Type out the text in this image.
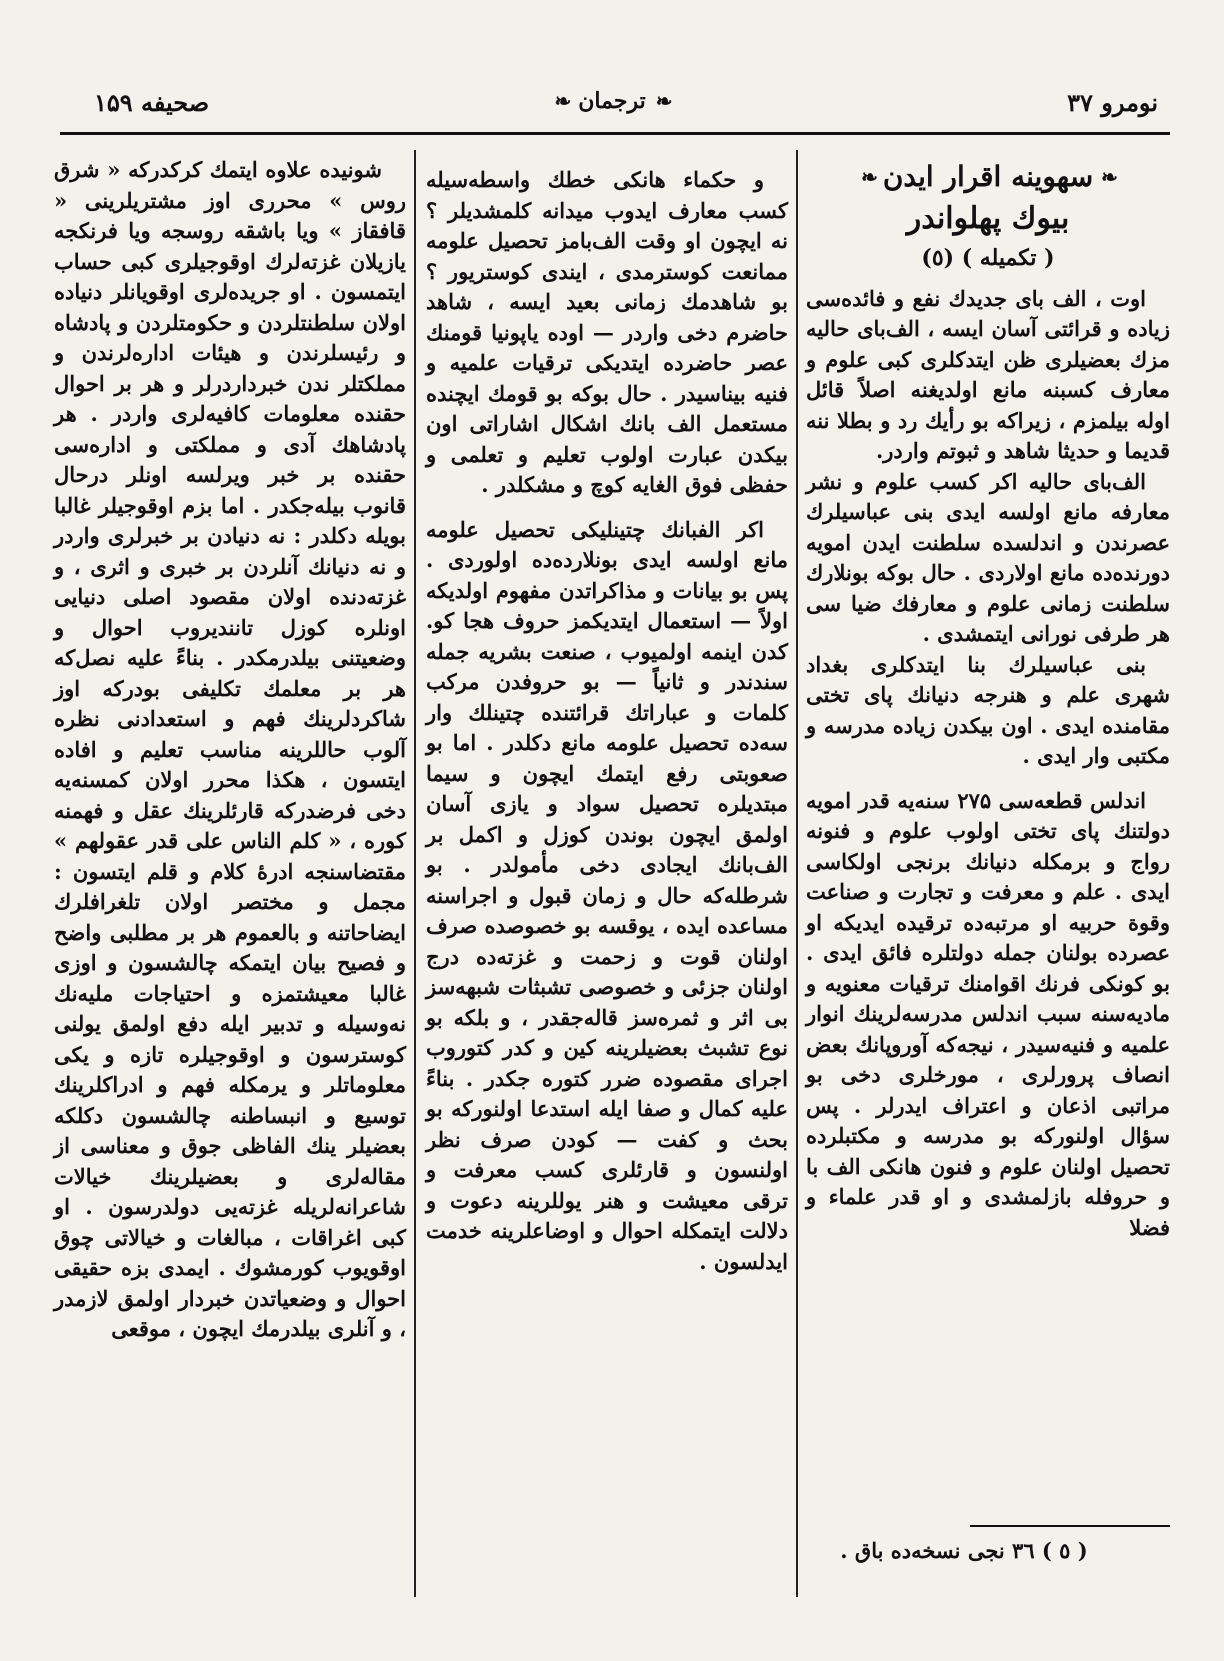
صحیفه ۱۵۹	❧
ترجمان
❧	نومرو ۳۷
❧
سهوینه اقرار ایدن
❧
بیوك پهلواندر
( تكمیله ) (٥)

اوت ، الف بای جدیدك نفع و فائده‌سی زیاده و قرائتی آسان ایسه ، الف‌بای حالیه مزك بعضیلری ظن ایتدكلری كبی علوم و معارف كسبنه مانع اولدیغنه اصلاً قائل اوله بیلمزم ، زیراكه بو رأیك رد و بطلا ننه قدیما و حدیثا شاهد و ثبوتم واردر.

الف‌بای حالیه اكر كسب علوم و نشر معارفه مانع اولسه ایدی بنی عباسیلرك عصرندن و اندلسده سلطنت ایدن امویه دورنده‌ده مانع اولاردی . حال بوكه بونلارك سلطنت زمانی علوم و معارفك ضیا سی هر طرفی نورانی ایتمشدی .

بنی عباسیلرك بنا ایتدكلری بغداد شهری علم و هنرجه دنیانك پای تختی مقامنده ایدی . اون بیكدن زیاده مدرسه و مكتبی وار ایدی .

اندلس قطعه‌سی ۲۷۵ سنه‌یه قدر امویه دولتنك پای تختی اولوب علوم و فنونه رواج و برمكله دنیانك برنجی اولكاسی ایدی . علم و معرفت و تجارت و صناعت وقوة حربیه او مرتبه‌ده ترقیده ایدیكه او عصرده بولنان جمله دولتلره فائق ایدی . بو كونكی فرنك اقوامنك ترقیات معنویه و مادیه‌سنه سبب اندلس مدرسه‌لرینك انوار علمیه و فنیه‌سیدر ، نیجه‌كه آوروپانك بعض انصاف پرورلری ، مورخلری دخی بو مراتبی اذعان و اعتراف ایدرلر . پس سؤال اولنوركه بو مدرسه و مكتبلرده تحصیل اولنان علوم و فنون هانكی الف با و حروفله بازلمشدی و او قدر علماء و فضلا

و حكماء هانكی خطك واسطه‌سیله كسب معارف ایدوب میدانه كلمشدیلر ؟ نه ایچون او وقت الف‌بامز تحصیل علومه ممانعت كوسترمدی ، ایندی كوستریور ؟ بو شاهدمك زمانی بعید ایسه ، شاهد حاضرم دخی واردر — اوده یاپونیا قومنك عصر حاضرده ایتدیكی ترقیات علمیه و فنیه بیناسیدر . حال بوكه بو قومك ایچنده مستعمل الف بانك اشكال اشاراتی اون بیكدن عبارت اولوب تعلیم و تعلمی و حفظی فوق الغایه كوچ و مشكلدر .

اكر الفبانك چتینلیكی تحصیل علومه مانع اولسه ایدی بونلارده‌ده اولوردی . پس بو بیانات و مذاكراتدن مفهوم اولدیكه اولاً — استعمال ایتدیكمز حروف هجا كو. كدن اینمه اولمیوب ، صنعت بشریه جمله سندندر و ثانیاً — بو حروفدن مركب كلمات و عباراتك قرائتنده چتینلك وار سه‌ده تحصیل علومه مانع دكلدر . اما بو صعوبتی رفع ایتمك ایچون و سیما مبتدیلره تحصیل سواد و یازی آسان اولمق ایچون بوندن كوزل و اكمل بر الف‌بانك ایجادی دخی مأمولدر . بو شرطله‌كه حال و زمان قبول و اجراسنه مساعده ایده ، یوقسه بو خصوصده صرف اولنان قوت و زحمت و غزته‌ده درج اولنان جزئی و خصوصی تشبثات شبهه‌سز بی اثر و ثمره‌سز قاله‌جقدر ، و بلكه بو نوع تشبث بعضیلرینه كین و كدر كتوروب اجرای مقصوده ضرر كتوره جكدر . بناءً علیه كمال و صفا ایله استدعا اولنوركه بو بحث و كفت — كودن صرف نظر اولنسون و قارئلری كسب معرفت و ترقی معیشت و هنر یوللرینه دعوت و دلالت ایتمكله احوال و اوضاعلرینه خدمت ایدلسون .

شونیده علاوه ایتمك كركدركه « شرق روس » محرری اوز مشتریلرینی « قافقاز » ویا باشقه روسجه ویا فرنكجه یازیلان غزته‌لرك اوقوجیلری كبی حساب ایتمسون . او جریده‌لری اوقویانلر دنیاده اولان سلطنتلردن و حكومتلردن و پادشاه و رئیسلرندن و هیئات اداره‌لرندن و مملكتلر ندن خبرداردرلر و هر بر احوال حقنده معلومات كافیه‌لری واردر . هر پادشاهك آدی و مملكتی و اداره‌سی حقنده بر خبر ویرلسه اونلر درحال قانوب بیله‌جكدر . اما بزم اوقوجیلر غالبا بویله دكلدر : نه دنیادن بر خبرلری واردر و نه دنیانك آنلردن بر خبری و اثری ، و غزته‌دنده اولان مقصود اصلی دنیایی اونلره كوزل تانندیروب احوال و وضعیتنی بیلدرمكدر . بناءً علیه نصل‌كه هر بر معلمك تكلیفی بودركه اوز شاكردلرینك فهم و استعدادنی نظره آلوب حاللرینه مناسب تعلیم و افاده ایتسون ، هكذا محرر اولان كمسنه‌یه دخی فرضدركه قارئلرینك عقل و فهمنه كوره ، « كلم الناس علی قدر عقولهم » مقتضاسنجه ادرهٔ كلام و قلم ایتسون : مجمل و مختصر اولان تلغرافلرك ایضاحاتنه و بالعموم هر بر مطلبی واضح و فصیح بیان ایتمكه چالشسون و اوزی غالبا معیشتمزه و احتیاجات ملیه‌نك نه‌وسیله و تدبیر ایله دفع اولمق یولنی كوسترسون و اوقوجیلره تازه و یكی معلوماتلر و یرمكله فهم و ادراكلرینك توسیع و انبساطنه چالشسون دكلكه بعضیلر ینك الفاظی جوق و معناسی از مقاله‌لری و بعضیلرینك خیالات شاعرانه‌لریله غزته‌یی دولدرسون . او كبی اغراقات ، مبالغات و خیالاتی چوق اوقویوب كورمشوك . ایمدی بزه حقیقی احوال و وضعیاتدن خبردار اولمق لازمدر ، و آنلری بیلدرمك ایچون ، موقعی

( ٥ ) ۳٦ نجی نسخه‌ده باق .
